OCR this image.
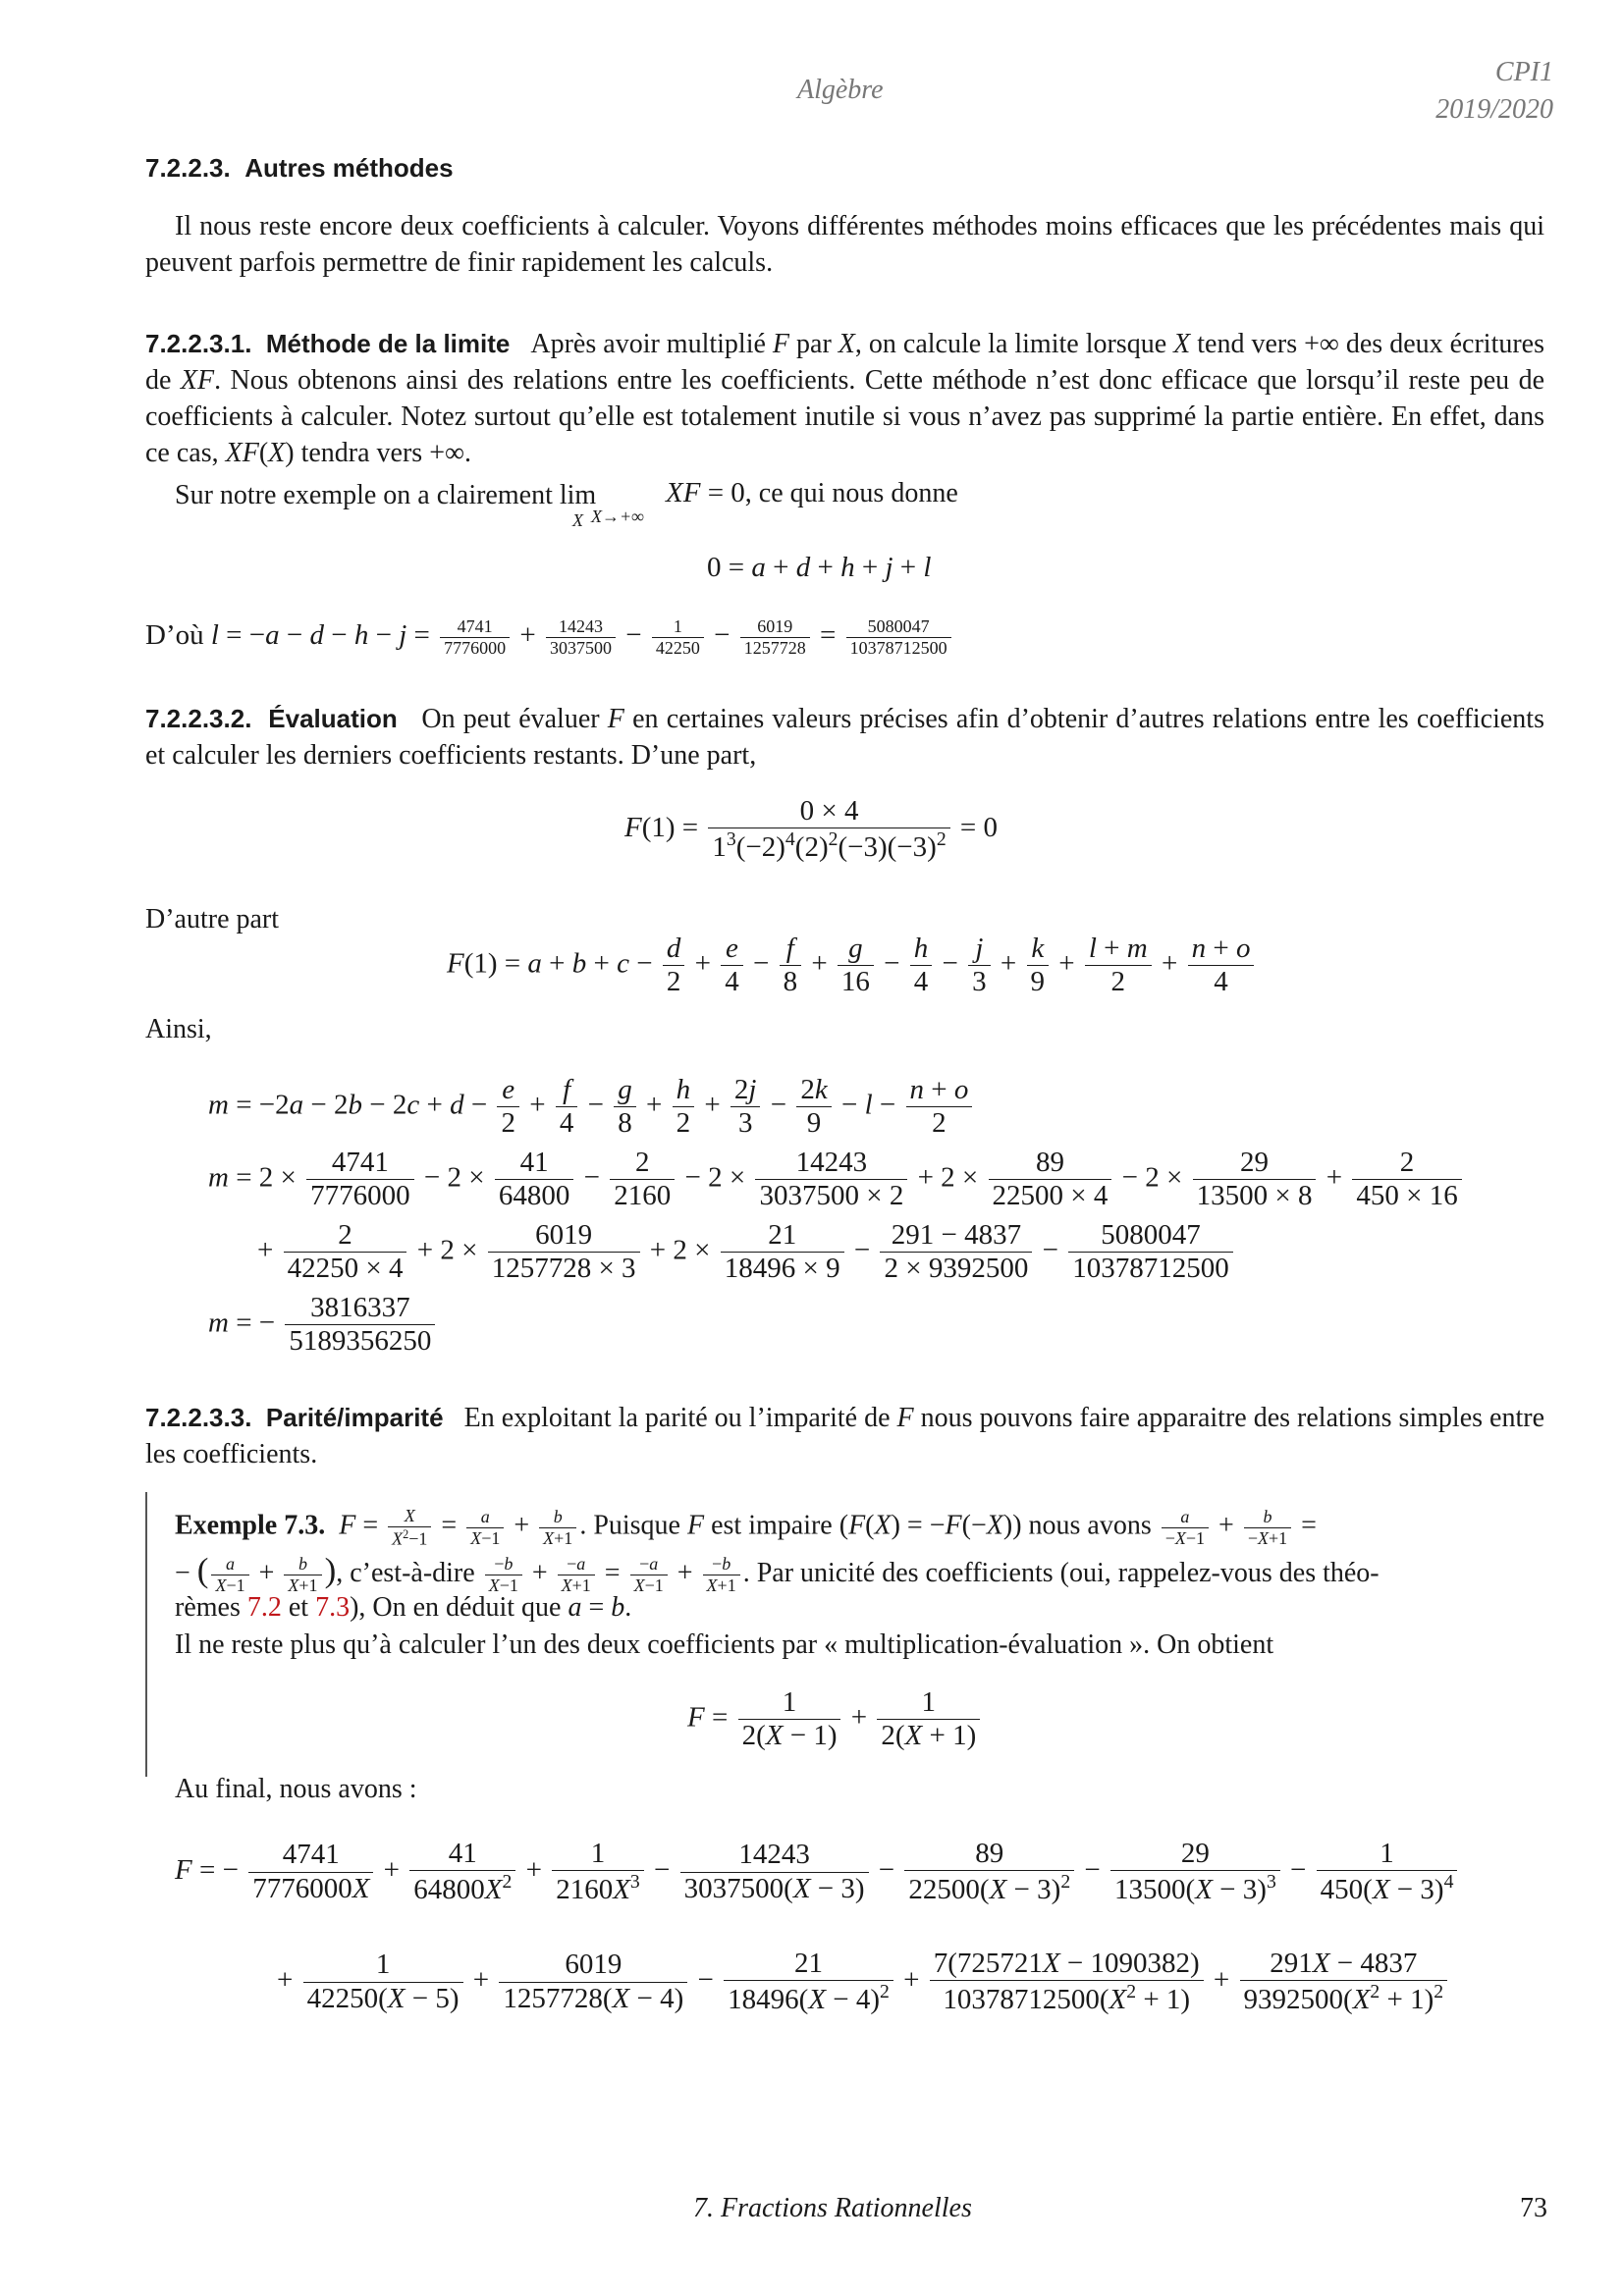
Algèbre
CPI1
2019/2020
7.2.2.3. Autres méthodes
Il nous reste encore deux coefficients à calculer. Voyons différentes méthodes moins efficaces que les précédentes mais qui peuvent parfois permettre de finir rapidement les calculs.
7.2.2.3.1. Méthode de la limite Après avoir multiplié F par X, on calcule la limite lorsque X tend vers +∞ des deux écritures de XF. Nous obtenons ainsi des relations entre les coefficients. Cette méthode n’est donc efficace que lorsqu’il reste peu de coefficients à calculer. Notez surtout qu’elle est totalement inutile si vous n’avez pas supprimé la partie entière. En effet, dans ce cas, XF(X) tendra vers +∞.
Sur notre exemple on a clairement lim

X X→+∞
XF = 0, ce qui nous donne
0 = a + d + h + j + l
D’où $l = -a - d - h - j = \frac{4741}{7776000} + \frac{14243}{3037500} - \frac{1}{42250} - \frac{6019}{1257728} = \frac{5080047}{10378712500}$
7.2.2.3.2. Évaluation On peut évaluer F en certaines valeurs précises afin d’obtenir d’autres relations entre les coefficients et calculer les derniers coefficients restants. D’une part,
$F(1) = \frac{0 \times 4}{1^3(-2)^4(2)^2(-3)(-3)^2} = 0$
D’autre part
$F(1) = a + b + c - \frac{d}{2} + \frac{e}{4} - \frac{f}{8} + \frac{g}{16} - \frac{h}{4} - \frac{j}{3} + \frac{k}{9} + \frac{l + m}{2} + \frac{n + o}{4}$
Ainsi,
$m = -2a - 2b - 2c + d - \frac{e}{2} + \frac{f}{4} - \frac{g}{8} + \frac{h}{2} + \frac{2j}{3} - \frac{2k}{9} - l - \frac{n + o}{2}$
$m = 2 \times \frac{4741}{7776000} - 2 \times \frac{41}{64800} - \frac{2}{2160} - 2 \times \frac{14243}{3037500 \times 2} + 2 \times \frac{89}{22500 \times 4} - 2 \times \frac{29}{13500 \times 8} + \frac{2}{450 \times 16}$
+ $\frac{2}{42250 \times 4} + 2 \times \frac{6019}{1257728 \times 3} + 2 \times \frac{21}{18496 \times 9} - \frac{291 - 4837}{2 \times 9392500} - \frac{5080047}{10378712500}$
m = − $\frac{3816337}{5189356250}$
7.2.2.3.3. Parité/imparité En exploitant la parité ou l’imparité de F nous pouvons faire apparaitre des relations simples entre les coefficients.
Exemple 7.3. $F = \frac{X}{X^2-1} = \frac{a}{X-1} + \frac{b}{X+1}$ . Puisque F est impaire (F(X) = −F(−X)) nous avons $\frac{a}{-X-1} + \frac{b}{-X+1}$ =
− ( $\frac{a}{X-1} + \frac{b}{X+1}$ ), c’est-à-dire $\frac{-b}{X-1} + \frac{-a}{X+1} = \frac{-a}{X-1} + \frac{-b}{X+1}$ . Par unicité des coefficients (oui, rappelez-vous des théo-
rèmes 7.2 et 7.3), On en déduit que a = b.
Il ne reste plus qu’à calculer l’un des deux coefficients par « multiplication-évaluation ». On obtient
$F = \frac{1}{2(X - 1)} + \frac{1}{2(X + 1)}$
Au final, nous avons :
F = − $\frac{4741}{7776000X} + \frac{41}{64800X^2} + \frac{1}{2160X^3} - \frac{14243}{3037500(X - 3)} - \frac{89}{22500(X - 3)^2} - \frac{29}{13500(X - 3)^3} - \frac{1}{450(X - 3)^4}$
+ $\frac{1}{42250(X - 5)} + \frac{6019}{1257728(X - 4)} - \frac{21}{18496(X - 4)^2} + \frac{7(725721X - 1090382)}{10378712500(X^2 + 1)} + \frac{291X - 4837}{9392500(X^2 + 1)^2}$
7. Fractions Rationnelles	73
